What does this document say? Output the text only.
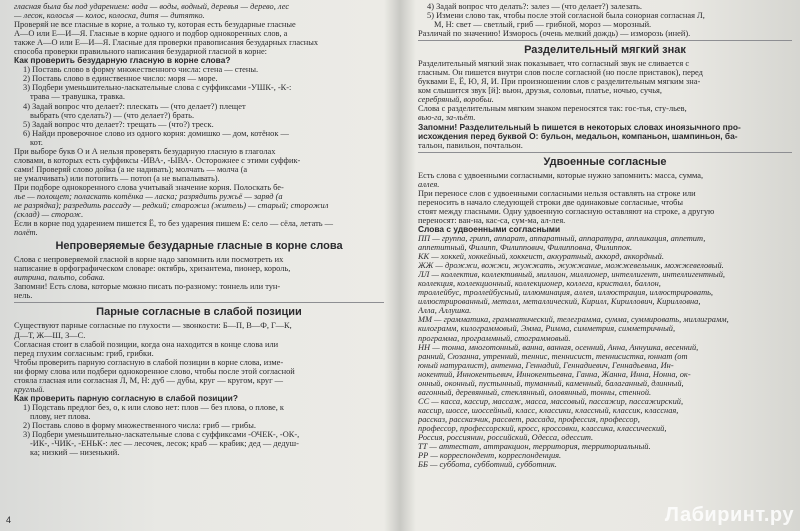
гласная была бы под ударением: вода — воды, водный, деревья — дерево, лес
— лесок, колосья — колос, колоска, дитя — дитятко.
Проверяй не все гласные в корне, а только ту, которая есть безударные гласные
А—О или Е—И—Я. Гласные в корне одного и подбор однокоренных слов, а
также А—О или Е—И—Я. Гласные для проверки правописания безударных гласных
способа проверки правильного написания безударной гласной в корне:
Как проверить безударную гласную в корне слова?
1) Поставь слово в форму множественного числа: стена — стены.
2) Поставь слово в единственное число: моря — море.
3) Подбери уменьшительно-ласкательные слова с суффиксами -УШК-, -К-:
трава — травушка, травка.
4) Задай вопрос что делает?: плескать — (что делает?) плещет
выбрать (что сделать?) — (что делает?) брать.
5) Задай вопрос что делает?: трещать — (что?) треск.
6) Найди проверочное слово из одного корня: домишко — дом, котёнок —
кот.
При выборе букв О и А нельзя проверять безударную гласную в глаголах
словами, в которых есть суффиксы -ИВА-, -ЫВА-. Осторожнее с этими суффик-
сами! Проверяй слово дойка (а не надивать); молчать — молча (а
не умалчивать) или потопить — потоп (а не выпалывать).
При подборе однокоренного слова учитывай значение корня. Полоскать бе-
лье — полощет; поласкать котёнка — ласка; разрядить ружьё — заряд (а
не разрядка); разредить рассаду — редкий; старожил (житель) — старый; сторожил
(склад) — сторож.
Если в корне под ударением пишется Ё, то без ударения пишем Е: село — сёла, летать —
полёт.
Непроверяемые безударные гласные в корне слова
Слова с непроверяемой гласной в корне надо запомнить или посмотреть их
написание в орфографическом словаре: октябрь, хризантема, пионер, король,
витрина, пальто, собака.
Запомни! Есть слова, которые можно писать по-разному: тоннель или тун-
нель.
Парные согласные в слабой позиции
Существуют парные согласные по глухости — звонкости: Б—П, В—Ф, Г—К,
Д—Т, Ж—Ш, З—С.
Согласная стоит в слабой позиции, когда она находится в конце слова или
перед глухим согласным: гриб, грибки.
Чтобы проверить парную согласную в слабой позиции в корне слова, изме-
ни форму слова или подбери однокоренное слово, чтобы после этой согласной
стояла гласная или согласная Л, М, Н: дуб — дубы, круг — кругом, круг —
круглый.
Как проверить парную согласную в слабой позиции?
1) Подставь предлог без, о, к или слово нет: плов — без плова, о плове, к
плову, нет плова.
2) Поставь слово в форму множественного числа: гриб — грибы.
3) Подбери уменьшительно-ласкательные слова с суффиксами -ОЧЕК-, -ОК-,
-ИК-, -ЧИК-, -ЕНЬК-: лес — лесочек, лесок; краб — крабик; дед — дедуш-
ка; низкий — низенький.
4
4) Задай вопрос что делать?: залез — (что делает?) залезать.
5) Измени слово так, чтобы после этой согласной была сонорная согласная Л,
М, Н: свет — светлый, гриб — грибной, мороз — морозный.
Различай по значению! Изморось (очень мелкий дождь) — изморозь (иней).
Разделительный мягкий знак
Разделительный мягкий знак показывает, что согласный звук не сливается с
гласным. Он пишется внутри слов после согласной (но после приставок), перед
буквами Е, Ё, Ю, Я, И. При произношении слов с разделительным мягким зна-
ком слышится звук [й]: вьюн, друзья, соловьи, платье, ночью, сучья,
серебряный, воробьи.
Слова с разделительным мягким знаком переносятся так: гос-тья, сту-льев,
вью-га, за-льёт.
Запомни! Разделительный Ь пишется в некоторых словах иноязычного про-
исхождения перед буквой О: бульон, медальон, компаньон, шампиньон, ба-
тальон, павильон, почтальон.
Удвоенные согласные
Есть слова с удвоенными согласными, которые нужно запомнить: масса, сумма,
аллея.
При переносе слов с удвоенными согласными нельзя оставлять на строке или
переносить в начало следующей строки две одинаковые согласные, чтобы
стоят между гласными. Одну удвоенную согласную оставляют на строке, а другую
переносят: ван-на, кас-са, сум-ма, ал-лея.
Слова с удвоенными согласными
ПП — группа, грипп, аппарат, аппаратный, аппаратура, аппликация, аппетит,
аппетитный, Филипп, Филиппович, Филипповна, Филиппок.
КК — хоккей, хоккейный, хоккеист, аккуратный, аккорд, аккордный.
ЖЖ — дрожжи, вожжи, жужжать, жужжание, можжевельник, можжевеловый.
ЛЛ — коллектив, коллективный, миллион, миллионер, интеллигент, интеллигентный,
коллекция, коллекционный, коллекционер, коллега, кристалл, баллон,
троллейбус, троллейбусный, иллюминация, аллея, иллюстрация, иллюстрировать,
иллюстрированный, металл, металлический, Кирилл, Кириллович, Кирилловна,
Алла, Аллушка.
ММ — грамматика, грамматический, телеграмма, сумма, суммировать, миллиграмм,
килограмм, килограммовый, Эмма, Римма, симметрия, симметричный,
программа, программный, стограммовый.
НН — тонна, многотонный, ванна, ванная, осенний, Анна, Аннушка, весенний,
ранний, Сюзанна, утренний, теннис, теннисист, теннисистка, юннат (от
юный натуралист), антенна, Геннадий, Геннадиевич, Геннадьевна, Ин-
нокентий, Иннокентьевич, Иннокентьевна, Ганна, Жанна, Инна, Нонна, ок-
онный, оконный, пустынный, туманный, каменный, балаганный, длинный,
вагонный, деревянный, стеклянный, оловянный, тонны, стенной.
СС — касса, кассир, массаж, масса, массовый, пассажир, пассажирский,
кассир, шоссе, шоссейный, класс, классики, классный, классик, классная,
рассказ, рассказчик, рассвет, рассада, профессия, профессор,
профессор, профессорский, кросс, кроссовки, классика, классический,
Россия, россиянин, российский, Одесса, одессит.
ТТ — аттестат, аттракцион, территория, территориальный.
РР — корреспондент, корреспонденция.
ББ — суббота, субботний, субботник.
Лабиринт.ру
